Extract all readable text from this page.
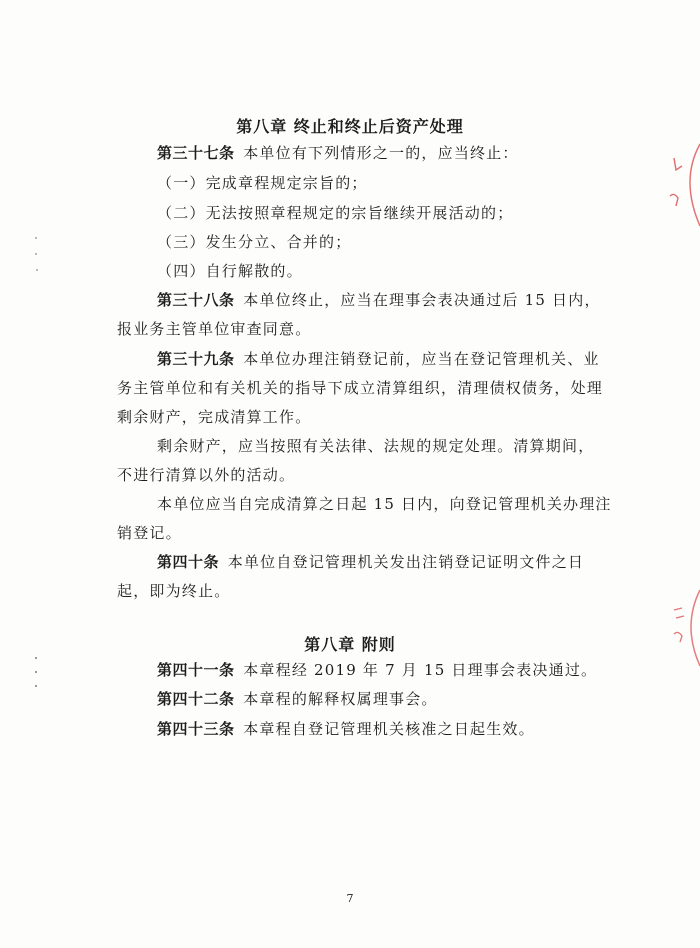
第八章 终止和终止后资产处理
第三十七条  本单位有下列情形之一的，应当终止：
（一）完成章程规定宗旨的；
（二）无法按照章程规定的宗旨继续开展活动的；
（三）发生分立、合并的；
（四）自行解散的。
第三十八条  本单位终止，应当在理事会表决通过后 15 日内，
报业务主管单位审查同意。
第三十九条  本单位办理注销登记前，应当在登记管理机关、业
务主管单位和有关机关的指导下成立清算组织，清理债权债务，处理
剩余财产，完成清算工作。
剩余财产，应当按照有关法律、法规的规定处理。清算期间，
不进行清算以外的活动。
本单位应当自完成清算之日起 15 日内，向登记管理机关办理注
销登记。
第四十条  本单位自登记管理机关发出注销登记证明文件之日
起，即为终止。
第八章 附则
第四十一条  本章程经 2019 年 7 月 15 日理事会表决通过。
第四十二条  本章程的解释权属理事会。
第四十三条  本章程自登记管理机关核准之日起生效。
7
